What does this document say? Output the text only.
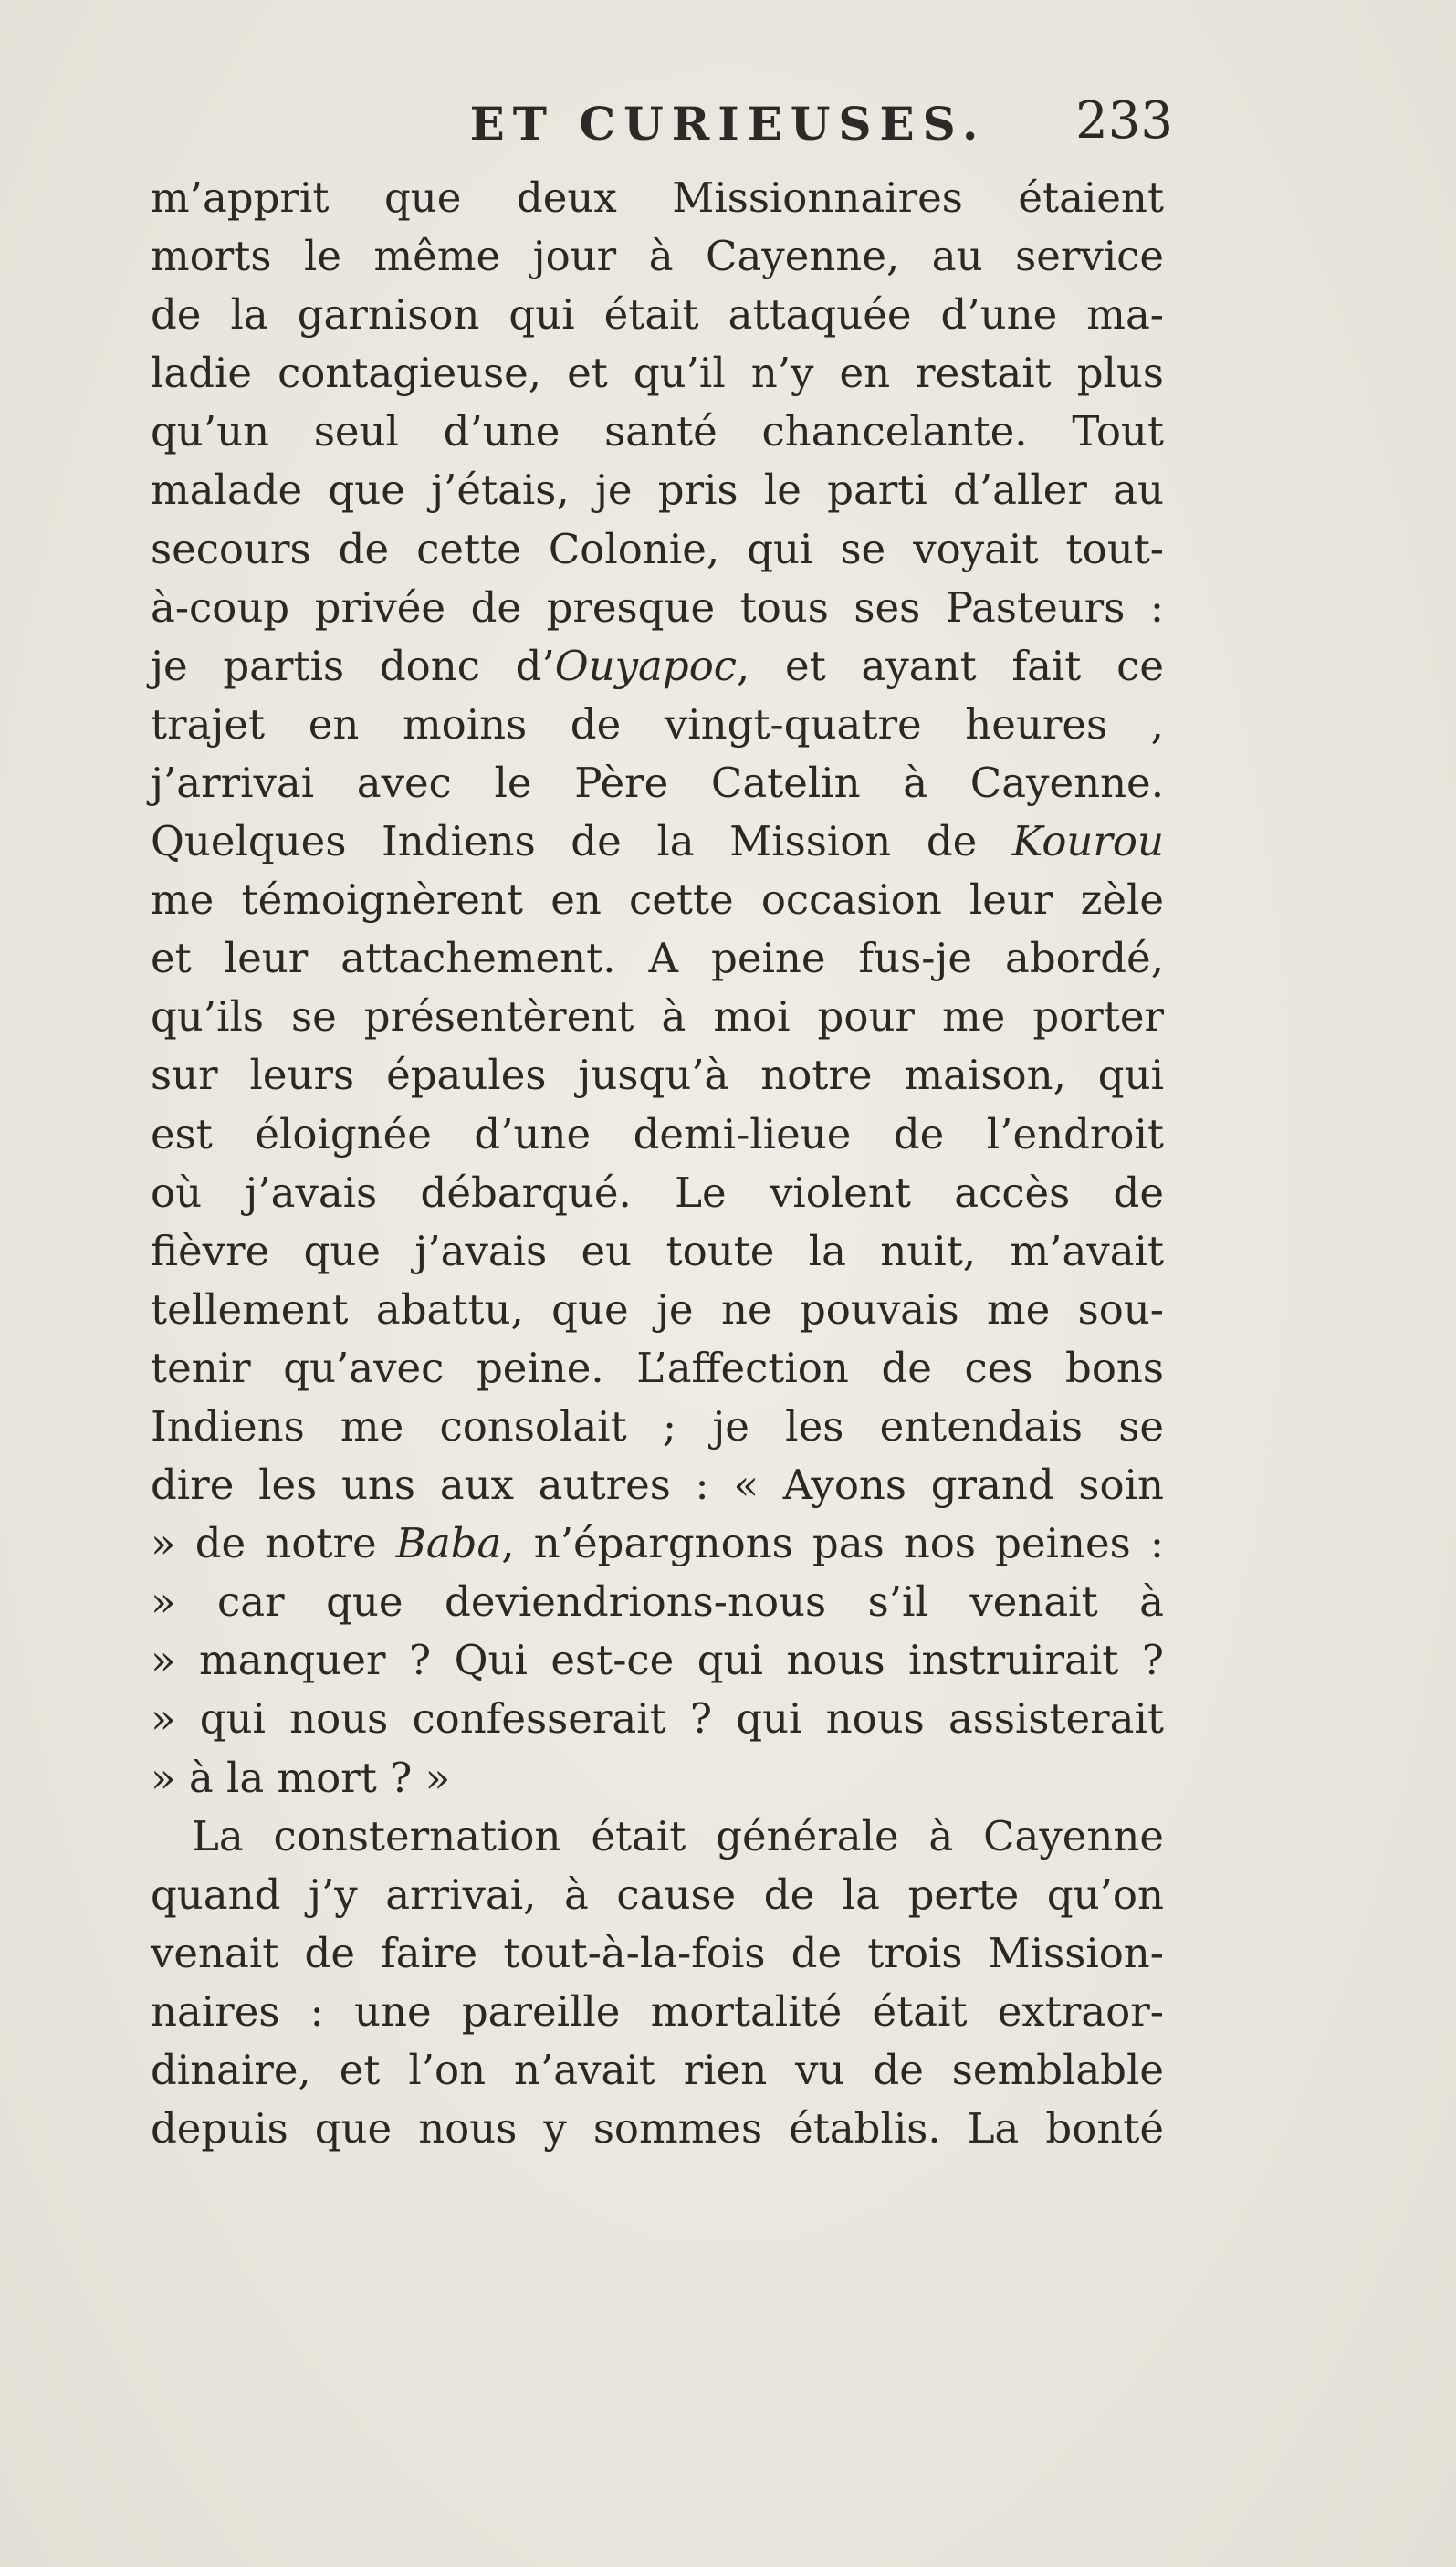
ET CURIEUSES.	233
m’apprit que deux Missionnaires étaient
morts le même jour à Cayenne, au service
de la garnison qui était attaquée d’une ma-
ladie contagieuse, et qu’il n’y en restait plus
qu’un seul d’une santé chancelante. Tout
malade que j’étais, je pris le parti d’aller au
secours de cette Colonie, qui se voyait tout-
à-coup privée de presque tous ses Pasteurs :
je partis donc d’Ouyapoc, et ayant fait ce
trajet en moins de vingt-quatre heures ,
j’arrivai avec le Père Catelin à Cayenne.
Quelques Indiens de la Mission de Kourou
me témoignèrent en cette occasion leur zèle
et leur attachement. A peine fus-je abordé,
qu’ils se présentèrent à moi pour me porter
sur leurs épaules jusqu’à notre maison, qui
est éloignée d’une demi-lieue de l’endroit
où j’avais débarqué. Le violent accès de
fièvre que j’avais eu toute la nuit, m’avait
tellement abattu, que je ne pouvais me sou-
tenir qu’avec peine. L’affection de ces bons
Indiens me consolait ; je les entendais se
dire les uns aux autres : « Ayons grand soin
» de notre Baba, n’épargnons pas nos peines :
» car que deviendrions-nous s’il venait à
» manquer ? Qui est-ce qui nous instruirait ?
» qui nous confesserait ? qui nous assisterait
» à la mort ? »
La consternation était générale à Cayenne
quand j’y arrivai, à cause de la perte qu’on
venait de faire tout-à-la-fois de trois Mission-
naires : une pareille mortalité était extraor-
dinaire, et l’on n’avait rien vu de semblable
depuis que nous y sommes établis. La bonté
